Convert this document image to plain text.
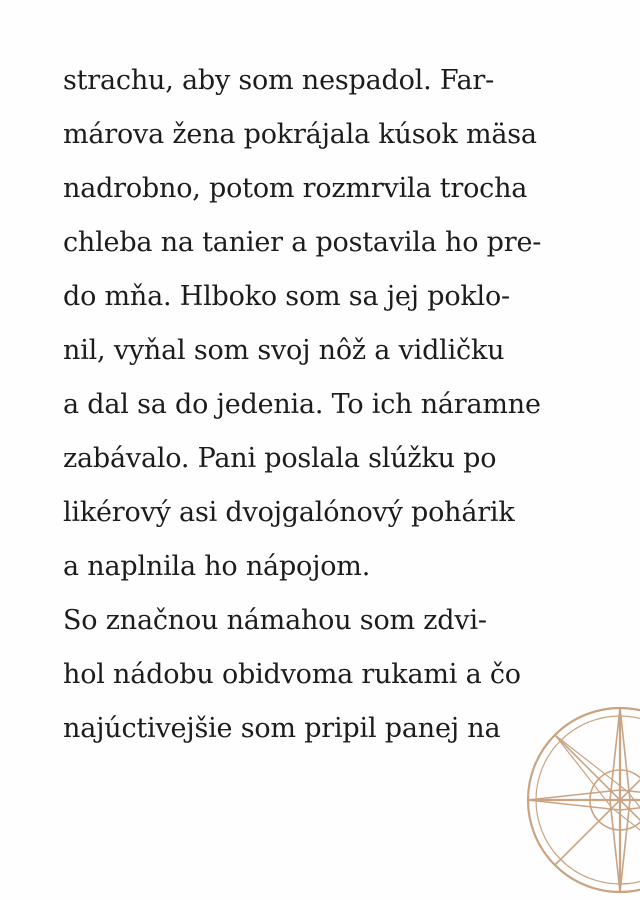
strachu, aby som nespadol. Far-
márova žena pokrájala kúsok mäsa
nadrobno, potom rozmrvila trocha
chleba na tanier a postavila ho pre-
do mňa. Hlboko som sa jej poklo-
nil, vyňal som svoj nôž a vidličku
a dal sa do jedenia. To ich náramne
zabávalo. Pani poslala slúžku po
likérový asi dvojgalónový pohárik
a naplnila ho nápojom.
So značnou námahou som zdvi-
hol nádobu obidvoma rukami a čo
najúctivejšie som pripil panej na
